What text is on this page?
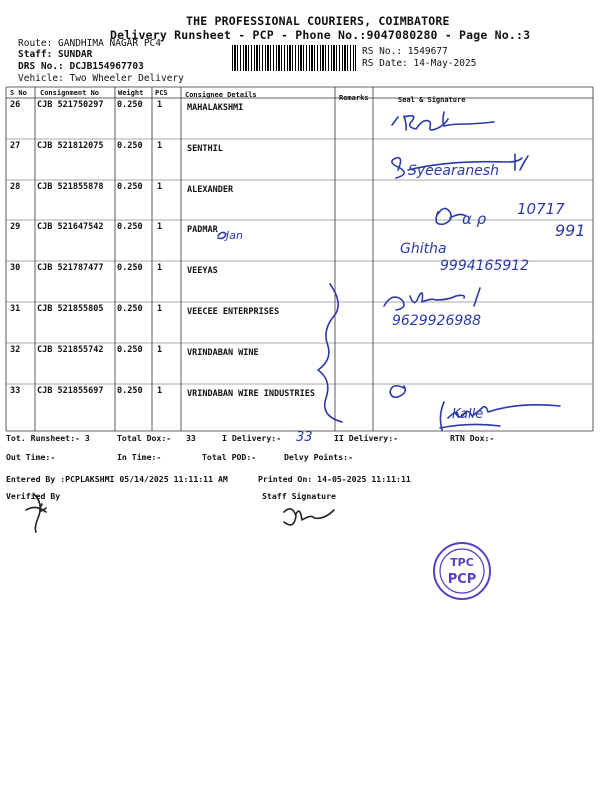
THE PROFESSIONAL COURIERS, COIMBATORE
Delivery Runsheet - PCP - Phone No.:9047080280 - Page No.:3
Route: GANDHIMA NAGAR PC4
Staff: SUNDAR
DRS No.: DCJB154967703
Vehicle: Two Wheeler Delivery
RS No.: 1549677
RS Date: 14-May-2025
S No Consignment No	Weight PCS Consignee Details	Remarks	Seal & Signature
26 CJB 521750297 0.250 1	MAHALAKSHMI
27 CJB 521812075 0.250 1	SENTHIL
28 CJB 521855878 0.250 1	ALEXANDER
29 CJB 521647542 0.250 1	PADMAR
30 CJB 521787477 0.250 1	VEEYAS
31 CJB 521855805 0.250 1	VEECEE ENTERPRISES
32 CJB 521855742 0.250 1	VRINDABAN WINE
33 CJB 521855697 0.250 1	VRINDABAN WIRE INDUSTRIES
Syeearanesh
α ρ
10717
991
Jan
Ghitha
9994165912
9629926988
Kalle
33
Tot. Runsheet:- 3	Total Dox:- 33	I Delivery:-	II Delivery:-	RTN Dox:-
Out Time:-	In Time:-	Total POD:-	Delvy Points:-
Entered By :PCPLAKSHMI 05/14/2025 11:11:11 AM	Printed On: 14-05-2025 11:11:11
Verified By	Staff Signature
TPC
PCP
